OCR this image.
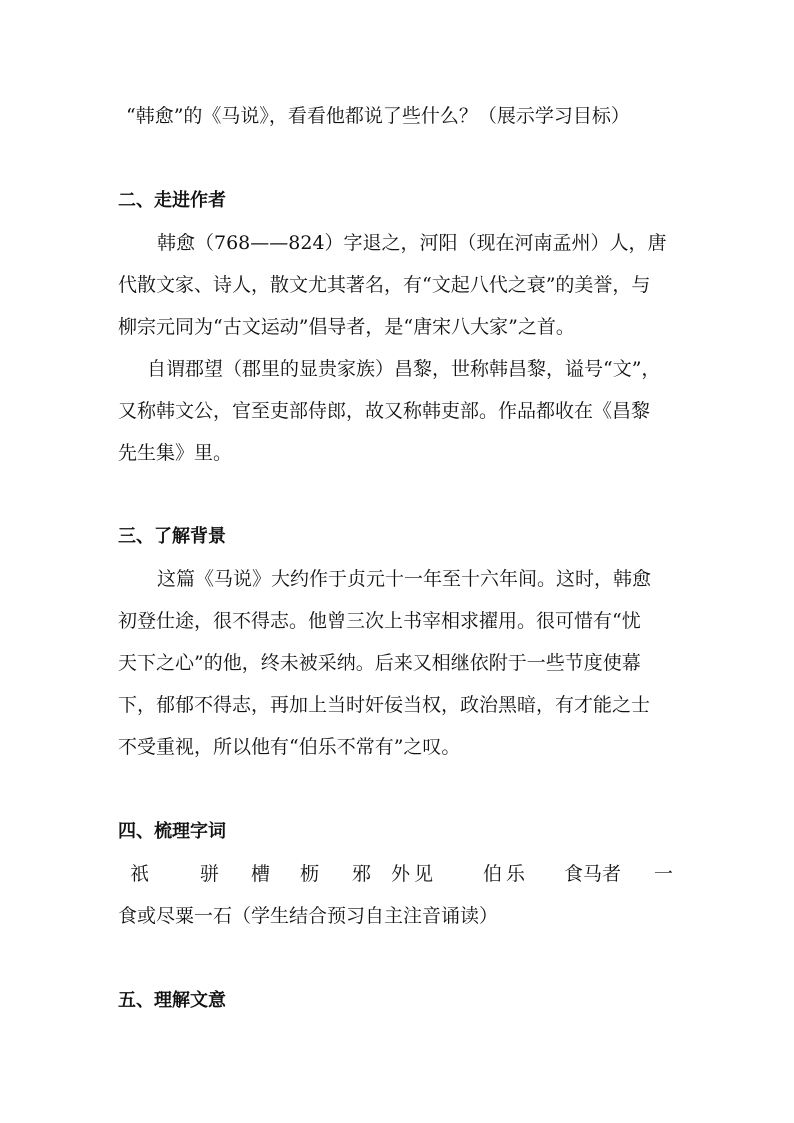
“韩愈”的《马说》，看看他都说了些什么？（展示学习目标）
二、走进作者
韩愈（768——824）字退之，河阳（现在河南孟州）人，唐
代散文家、诗人，散文尤其著名，有“文起八代之衰”的美誉，与
柳宗元同为“古文运动”倡导者，是“唐宋八大家”之首。
自谓郡望（郡里的显贵家族）昌黎，世称韩昌黎，谥号“文”，
又称韩文公，官至吏部侍郎，故又称韩吏部。作品都收在《昌黎
先生集》里。
三、了解背景
这篇《马说》大约作于贞元十一年至十六年间。这时，韩愈
初登仕途，很不得志。他曾三次上书宰相求擢用。很可惜有“忧
天下之心”的他，终未被采纳。后来又相继依附于一些节度使幕
下，郁郁不得志，再加上当时奸佞当权，政治黑暗，有才能之士
不受重视，所以他有“伯乐不常有”之叹。
四、梳理字词
祇	骈 槽 枥 邪 外见 伯乐 食马者 一
食或尽粟一石（学生结合预习自主注音诵读）
五、理解文意
